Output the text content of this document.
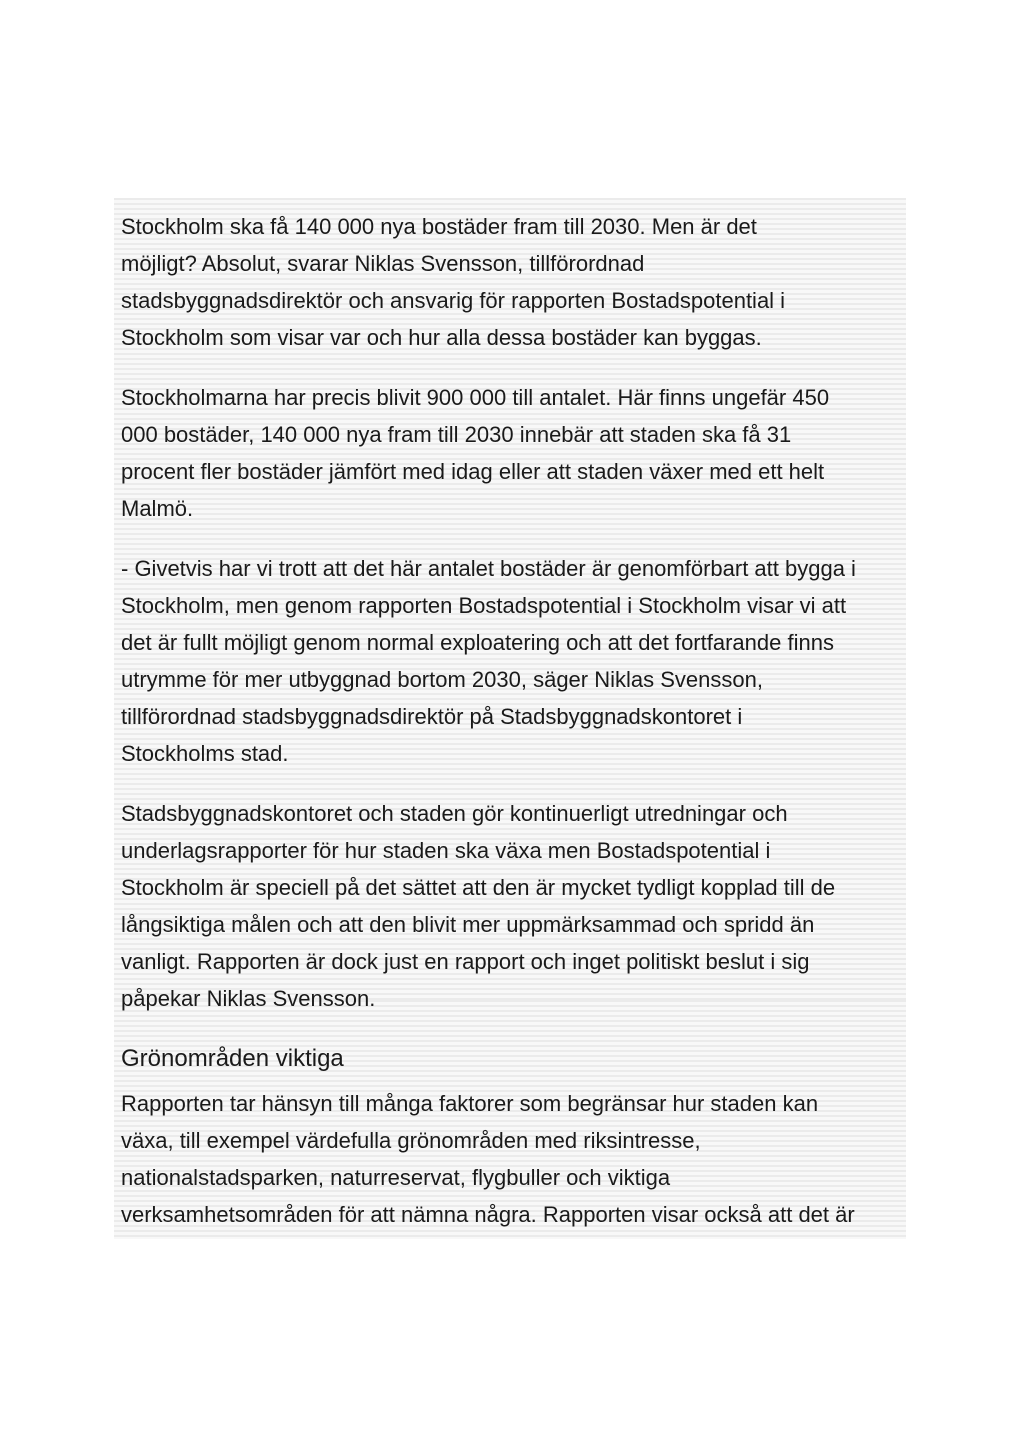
Stockholm ska få 140 000 nya bostäder fram till 2030. Men är det
möjligt? Absolut, svarar Niklas Svensson, tillförordnad
stadsbyggnadsdirektör och ansvarig för rapporten Bostadspotential i
Stockholm som visar var och hur alla dessa bostäder kan byggas.

Stockholmarna har precis blivit 900 000 till antalet. Här finns ungefär 450
000 bostäder, 140 000 nya fram till 2030 innebär att staden ska få 31
procent fler bostäder jämfört med idag eller att staden växer med ett helt
Malmö.

- Givetvis har vi trott att det här antalet bostäder är genomförbart att bygga i
Stockholm, men genom rapporten Bostadspotential i Stockholm visar vi att
det är fullt möjligt genom normal exploatering och att det fortfarande finns
utrymme för mer utbyggnad bortom 2030, säger Niklas Svensson,
tillförordnad stadsbyggnadsdirektör på Stadsbyggnadskontoret i
Stockholms stad.

Stadsbyggnadskontoret och staden gör kontinuerligt utredningar och
underlagsrapporter för hur staden ska växa men Bostadspotential i
Stockholm är speciell på det sättet att den är mycket tydligt kopplad till de
långsiktiga målen och att den blivit mer uppmärksammad och spridd än
vanligt. Rapporten är dock just en rapport och inget politiskt beslut i sig
påpekar Niklas Svensson.

Grönområden viktiga

Rapporten tar hänsyn till många faktorer som begränsar hur staden kan
växa, till exempel värdefulla grönområden med riksintresse,
nationalstadsparken, naturreservat, flygbuller och viktiga
verksamhetsområden för att nämna några. Rapporten visar också att det är
